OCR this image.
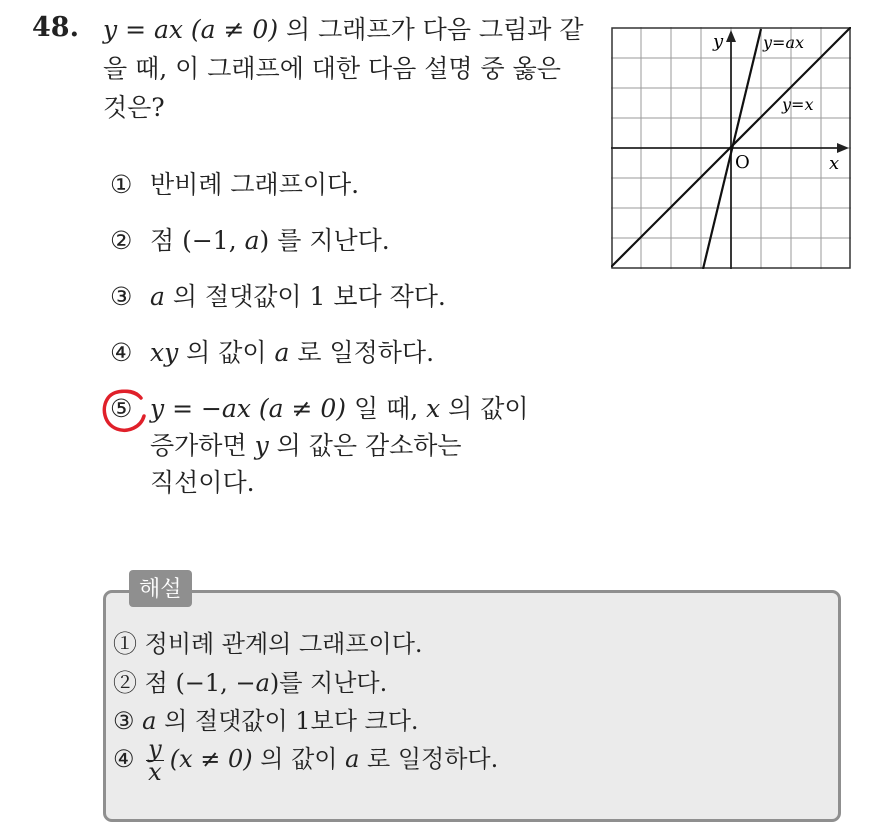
48. y = ax (a ≠ 0) 의 그래프가 다음 그림과 같
을 때, 이 그래프에 대한 다음 설명 중 옳은
것은?
① 반비례 그래프이다.
② 점 (−1, a) 를 지난다.
③ a 의 절댓값이 1 보다 작다.
④ xy 의 값이 a 로 일정하다.
⑤ y = −ax (a ≠ 0) 일 때, x 의 값이
증가하면 y 의 값은 감소하는
직선이다.
y
x
O
y=ax
y=x
해설
① 정비례 관계의 그래프이다.
② 점 (−1, −a)를 지난다.
③ a 의 절댓값이 1보다 크다.
④ $\frac{y}{x} (x \ne 0)$ 의 값이 a 로 일정하다.
